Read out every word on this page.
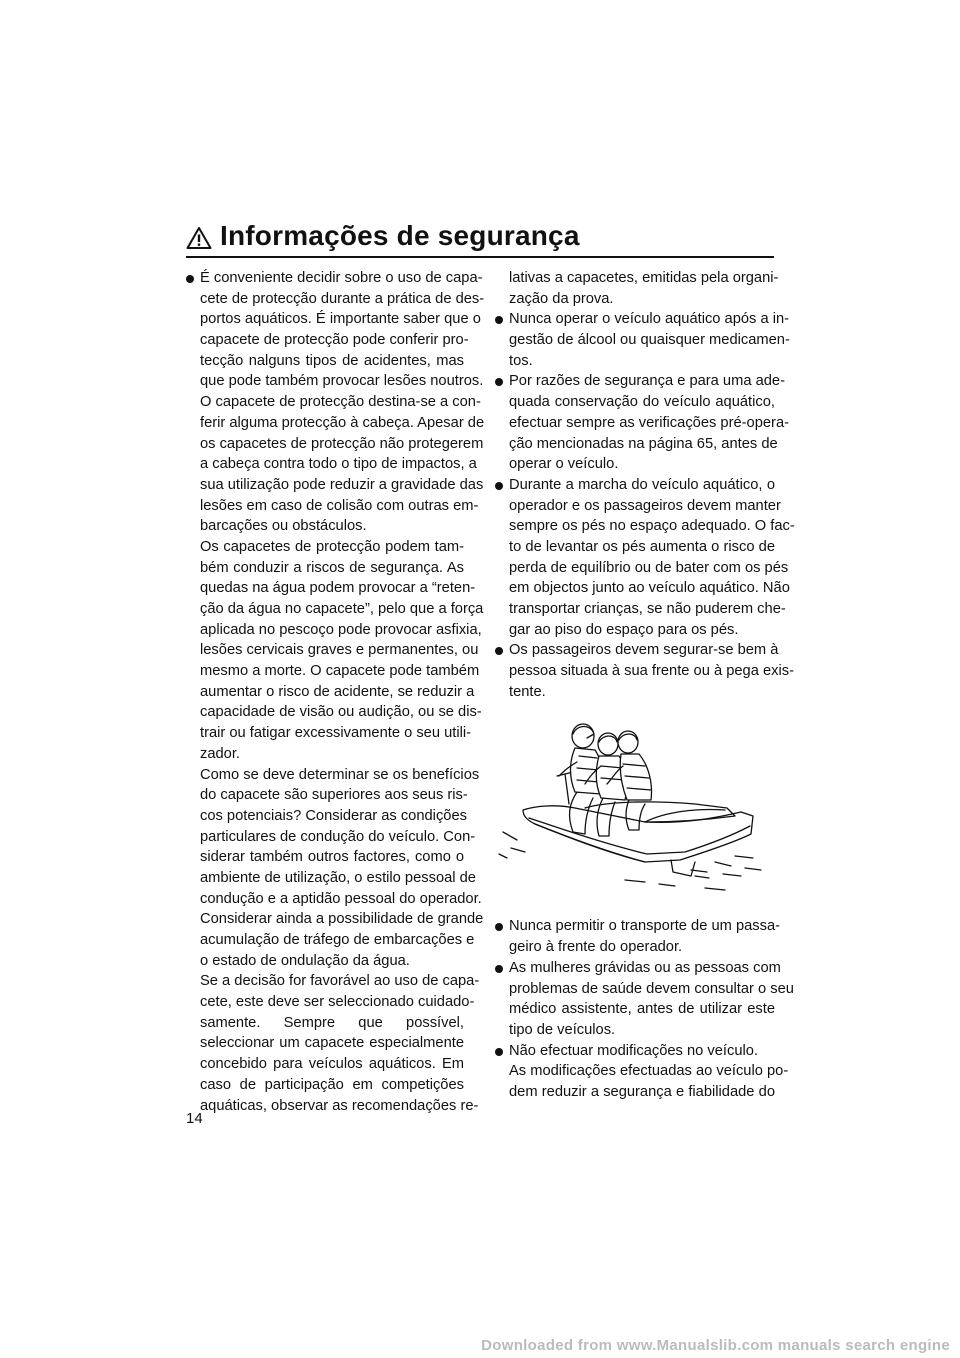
Informações de segurança
É conveniente decidir sobre o uso de capa-
cete de protecção durante a prática de des-
portos aquáticos. É importante saber que o
capacete de protecção pode conferir pro-
tecção nalguns tipos de acidentes, mas
que pode também provocar lesões noutros.
O capacete de protecção destina-se a con-
ferir alguma protecção à cabeça. Apesar de
os capacetes de protecção não protegerem
a cabeça contra todo o tipo de impactos, a
sua utilização pode reduzir a gravidade das
lesões em caso de colisão com outras em-
barcações ou obstáculos.
Os capacetes de protecção podem tam-
bém conduzir a riscos de segurança. As
quedas na água podem provocar a “reten-
ção da água no capacete”, pelo que a força
aplicada no pescoço pode provocar asfixia,
lesões cervicais graves e permanentes, ou
mesmo a morte. O capacete pode também
aumentar o risco de acidente, se reduzir a
capacidade de visão ou audição, ou se dis-
trair ou fatigar excessivamente o seu utili-
zador.
Como se deve determinar se os benefícios
do capacete são superiores aos seus ris-
cos potenciais? Considerar as condições
particulares de condução do veículo. Con-
siderar também outros factores, como o
ambiente de utilização, o estilo pessoal de
condução e a aptidão pessoal do operador.
Considerar ainda a possibilidade de grande
acumulação de tráfego de embarcações e
o estado de ondulação da água.
Se a decisão for favorável ao uso de capa-
cete, este deve ser seleccionado cuidado-
samente. Sempre que possível,
seleccionar um capacete especialmente
concebido para veículos aquáticos. Em
caso de participação em competições
aquáticas, observar as recomendações re-
lativas a capacetes, emitidas pela organi-
zação da prova.
Nunca operar o veículo aquático após a in-
gestão de álcool ou quaisquer medicamen-
tos.
Por razões de segurança e para uma ade-
quada conservação do veículo aquático,
efectuar sempre as verificações pré-opera-
ção mencionadas na página 65, antes de
operar o veículo.
Durante a marcha do veículo aquático, o
operador e os passageiros devem manter
sempre os pés no espaço adequado. O fac-
to de levantar os pés aumenta o risco de
perda de equilíbrio ou de bater com os pés
em objectos junto ao veículo aquático. Não
transportar crianças, se não puderem che-
gar ao piso do espaço para os pés.
Os passageiros devem segurar-se bem à
pessoa situada à sua frente ou à pega exis-
tente.
Nunca permitir o transporte de um passa-
geiro à frente do operador.
As mulheres grávidas ou as pessoas com
problemas de saúde devem consultar o seu
médico assistente, antes de utilizar este
tipo de veículos.
Não efectuar modificações no veículo.
As modificações efectuadas ao veículo po-
dem reduzir a segurança e fiabilidade do
14
Downloaded from www.Manualslib.com manuals search engine
